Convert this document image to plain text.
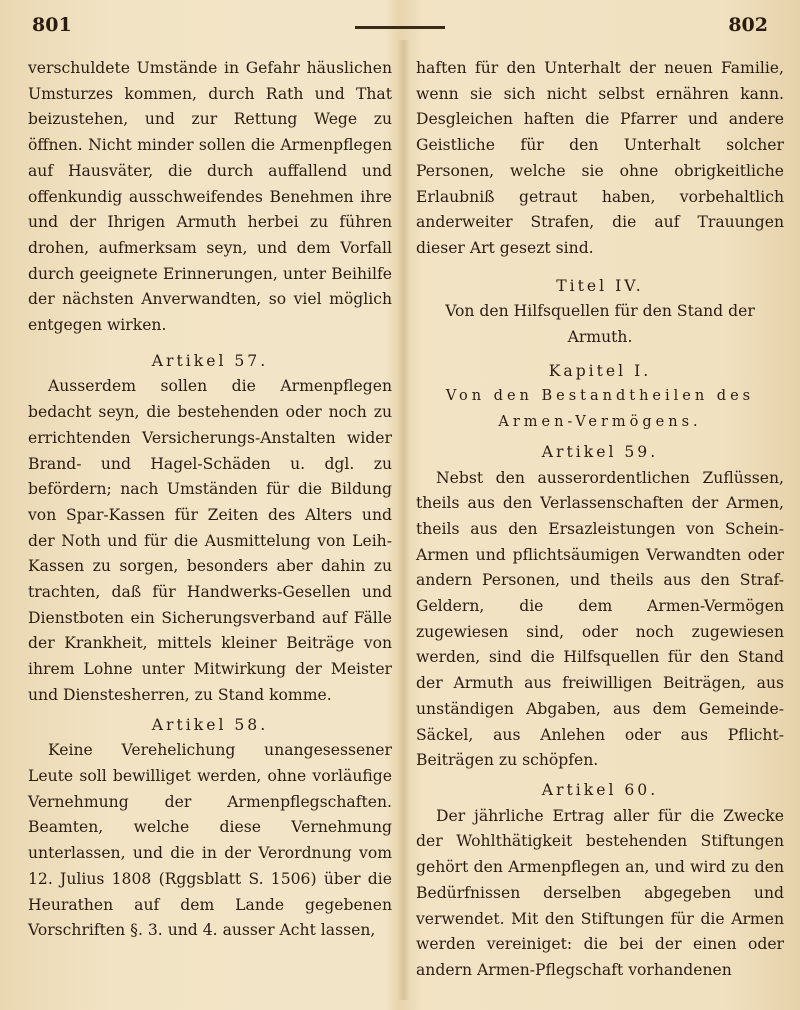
801	802

verschuldete Umstände in Gefahr häuslichen Umsturzes kommen, durch Rath und That beizustehen, und zur Rettung Wege zu öffnen. Nicht minder sollen die Armenpflegen auf Hausväter, die durch auffallend und offenkundig ausschweifendes Benehmen ihre und der Ihrigen Armuth herbei zu führen drohen, aufmerksam seyn, und dem Vorfall durch geeignete Erinnerungen, unter Beihilfe der nächsten Anverwandten, so viel möglich entgegen wirken.

Artikel 57.

Ausserdem sollen die Armenpflegen bedacht seyn, die bestehenden oder noch zu errichtenden Versicherungs-Anstalten wider Brand- und Hagel-Schäden u. dgl. zu befördern; nach Umständen für die Bildung von Spar-Kassen für Zeiten des Alters und der Noth und für die Ausmittelung von Leih-Kassen zu sorgen, besonders aber dahin zu trachten, daß für Handwerks-Gesellen und Dienstboten ein Sicherungsverband auf Fälle der Krankheit, mittels kleiner Beiträge von ihrem Lohne unter Mitwirkung der Meister und Dienstesherren, zu Stand komme.

Artikel 58.

Keine Verehelichung unangesessener Leute soll bewilliget werden, ohne vorläufige Vernehmung der Armenpflegschaften. Beamten, welche diese Vernehmung unterlassen, und die in der Verordnung vom 12. Julius 1808 (Rggsblatt S. 1506) über die Heurathen auf dem Lande gegebenen Vorschriften §. 3. und 4. ausser Acht lassen,

haften für den Unterhalt der neuen Familie, wenn sie sich nicht selbst ernähren kann. Desgleichen haften die Pfarrer und andere Geistliche für den Unterhalt solcher Personen, welche sie ohne obrigkeitliche Erlaubniß getraut haben, vorbehaltlich anderweiter Strafen, die auf Trauungen dieser Art gesezt sind.

Titel IV.

Von den Hilfsquellen für den Stand der Armuth.

Kapitel I.

Von den Bestandtheilen des Armen-Vermögens.

Artikel 59.

Nebst den ausserordentlichen Zuflüssen, theils aus den Verlassenschaften der Armen, theils aus den Ersazleistungen von Schein-Armen und pflichtsäumigen Verwandten oder andern Personen, und theils aus den Straf-Geldern, die dem Armen-Vermögen zugewiesen sind, oder noch zugewiesen werden, sind die Hilfsquellen für den Stand der Armuth aus freiwilligen Beiträgen, aus unständigen Abgaben, aus dem Gemeinde-Säckel, aus Anlehen oder aus Pflicht-Beiträgen zu schöpfen.

Artikel 60.

Der jährliche Ertrag aller für die Zwecke der Wohlthätigkeit bestehenden Stiftungen gehört den Armenpflegen an, und wird zu den Bedürfnissen derselben abgegeben und verwendet. Mit den Stiftungen für die Armen werden vereiniget: die bei der einen oder andern Armen-Pflegschaft vorhandenen
